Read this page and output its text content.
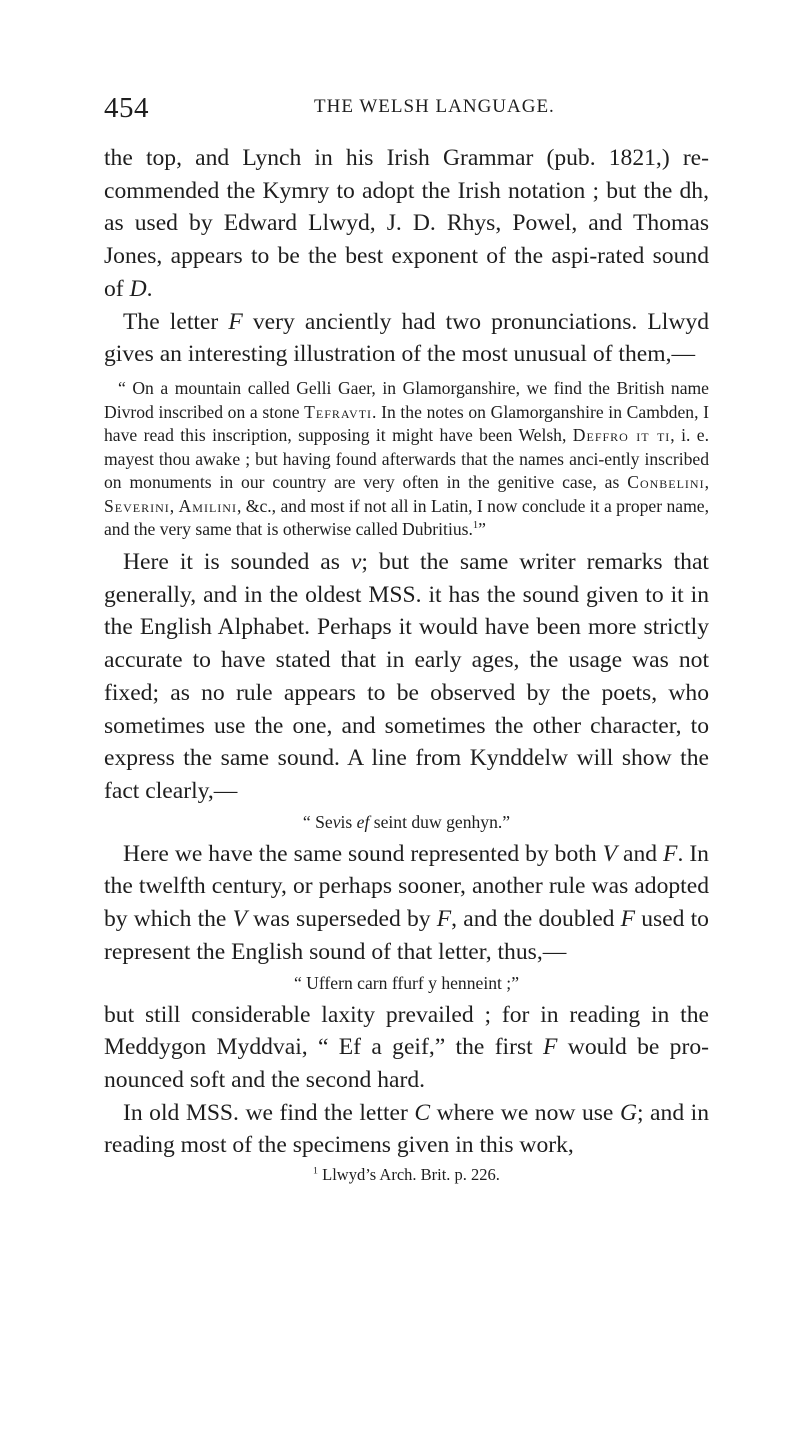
454	THE WELSH LANGUAGE.

the top, and Lynch in his Irish Grammar (pub. 1821,) re-commended the Kymry to adopt the Irish notation ; but the dh, as used by Edward Llwyd, J. D. Rhys, Powel, and Thomas Jones, appears to be the best exponent of the aspi-rated sound of D.

The letter F very anciently had two pronunciations. Llwyd gives an interesting illustration of the most unusual of them,—

“ On a mountain called Gelli Gaer, in Glamorganshire, we find the British name Divrod inscribed on a stone Tefravti. In the notes on Glamorganshire in Cambden, I have read this inscription, supposing it might have been Welsh, Deffro it ti, i. e. mayest thou awake ; but having found afterwards that the names anci-ently inscribed on monuments in our country are very often in the genitive case, as Conbelini, Severini, Amilini, &c., and most if not all in Latin, I now conclude it a proper name, and the very same that is otherwise called Dubritius.$^1$”

Here it is sounded as v; but the same writer remarks that generally, and in the oldest MSS. it has the sound given to it in the English Alphabet. Perhaps it would have been more strictly accurate to have stated that in early ages, the usage was not fixed; as no rule appears to be observed by the poets, who sometimes use the one, and sometimes the other character, to express the same sound. A line from Kynddelw will show the fact clearly,—

“ Sevis ef seint duw genhyn.”

Here we have the same sound represented by both V and F. In the twelfth century, or perhaps sooner, another rule was adopted by which the V was superseded by F, and the doubled F used to represent the English sound of that letter, thus,—

“ Uffern carn ffurf y henneint ;”

but still considerable laxity prevailed ; for in reading in the Meddygon Myddvai, “ Ef a geif,” the first F would be pro-nounced soft and the second hard.

In old MSS. we find the letter C where we now use G; and in reading most of the specimens given in this work,

$^1$ Llwyd’s Arch. Brit. p. 226.
